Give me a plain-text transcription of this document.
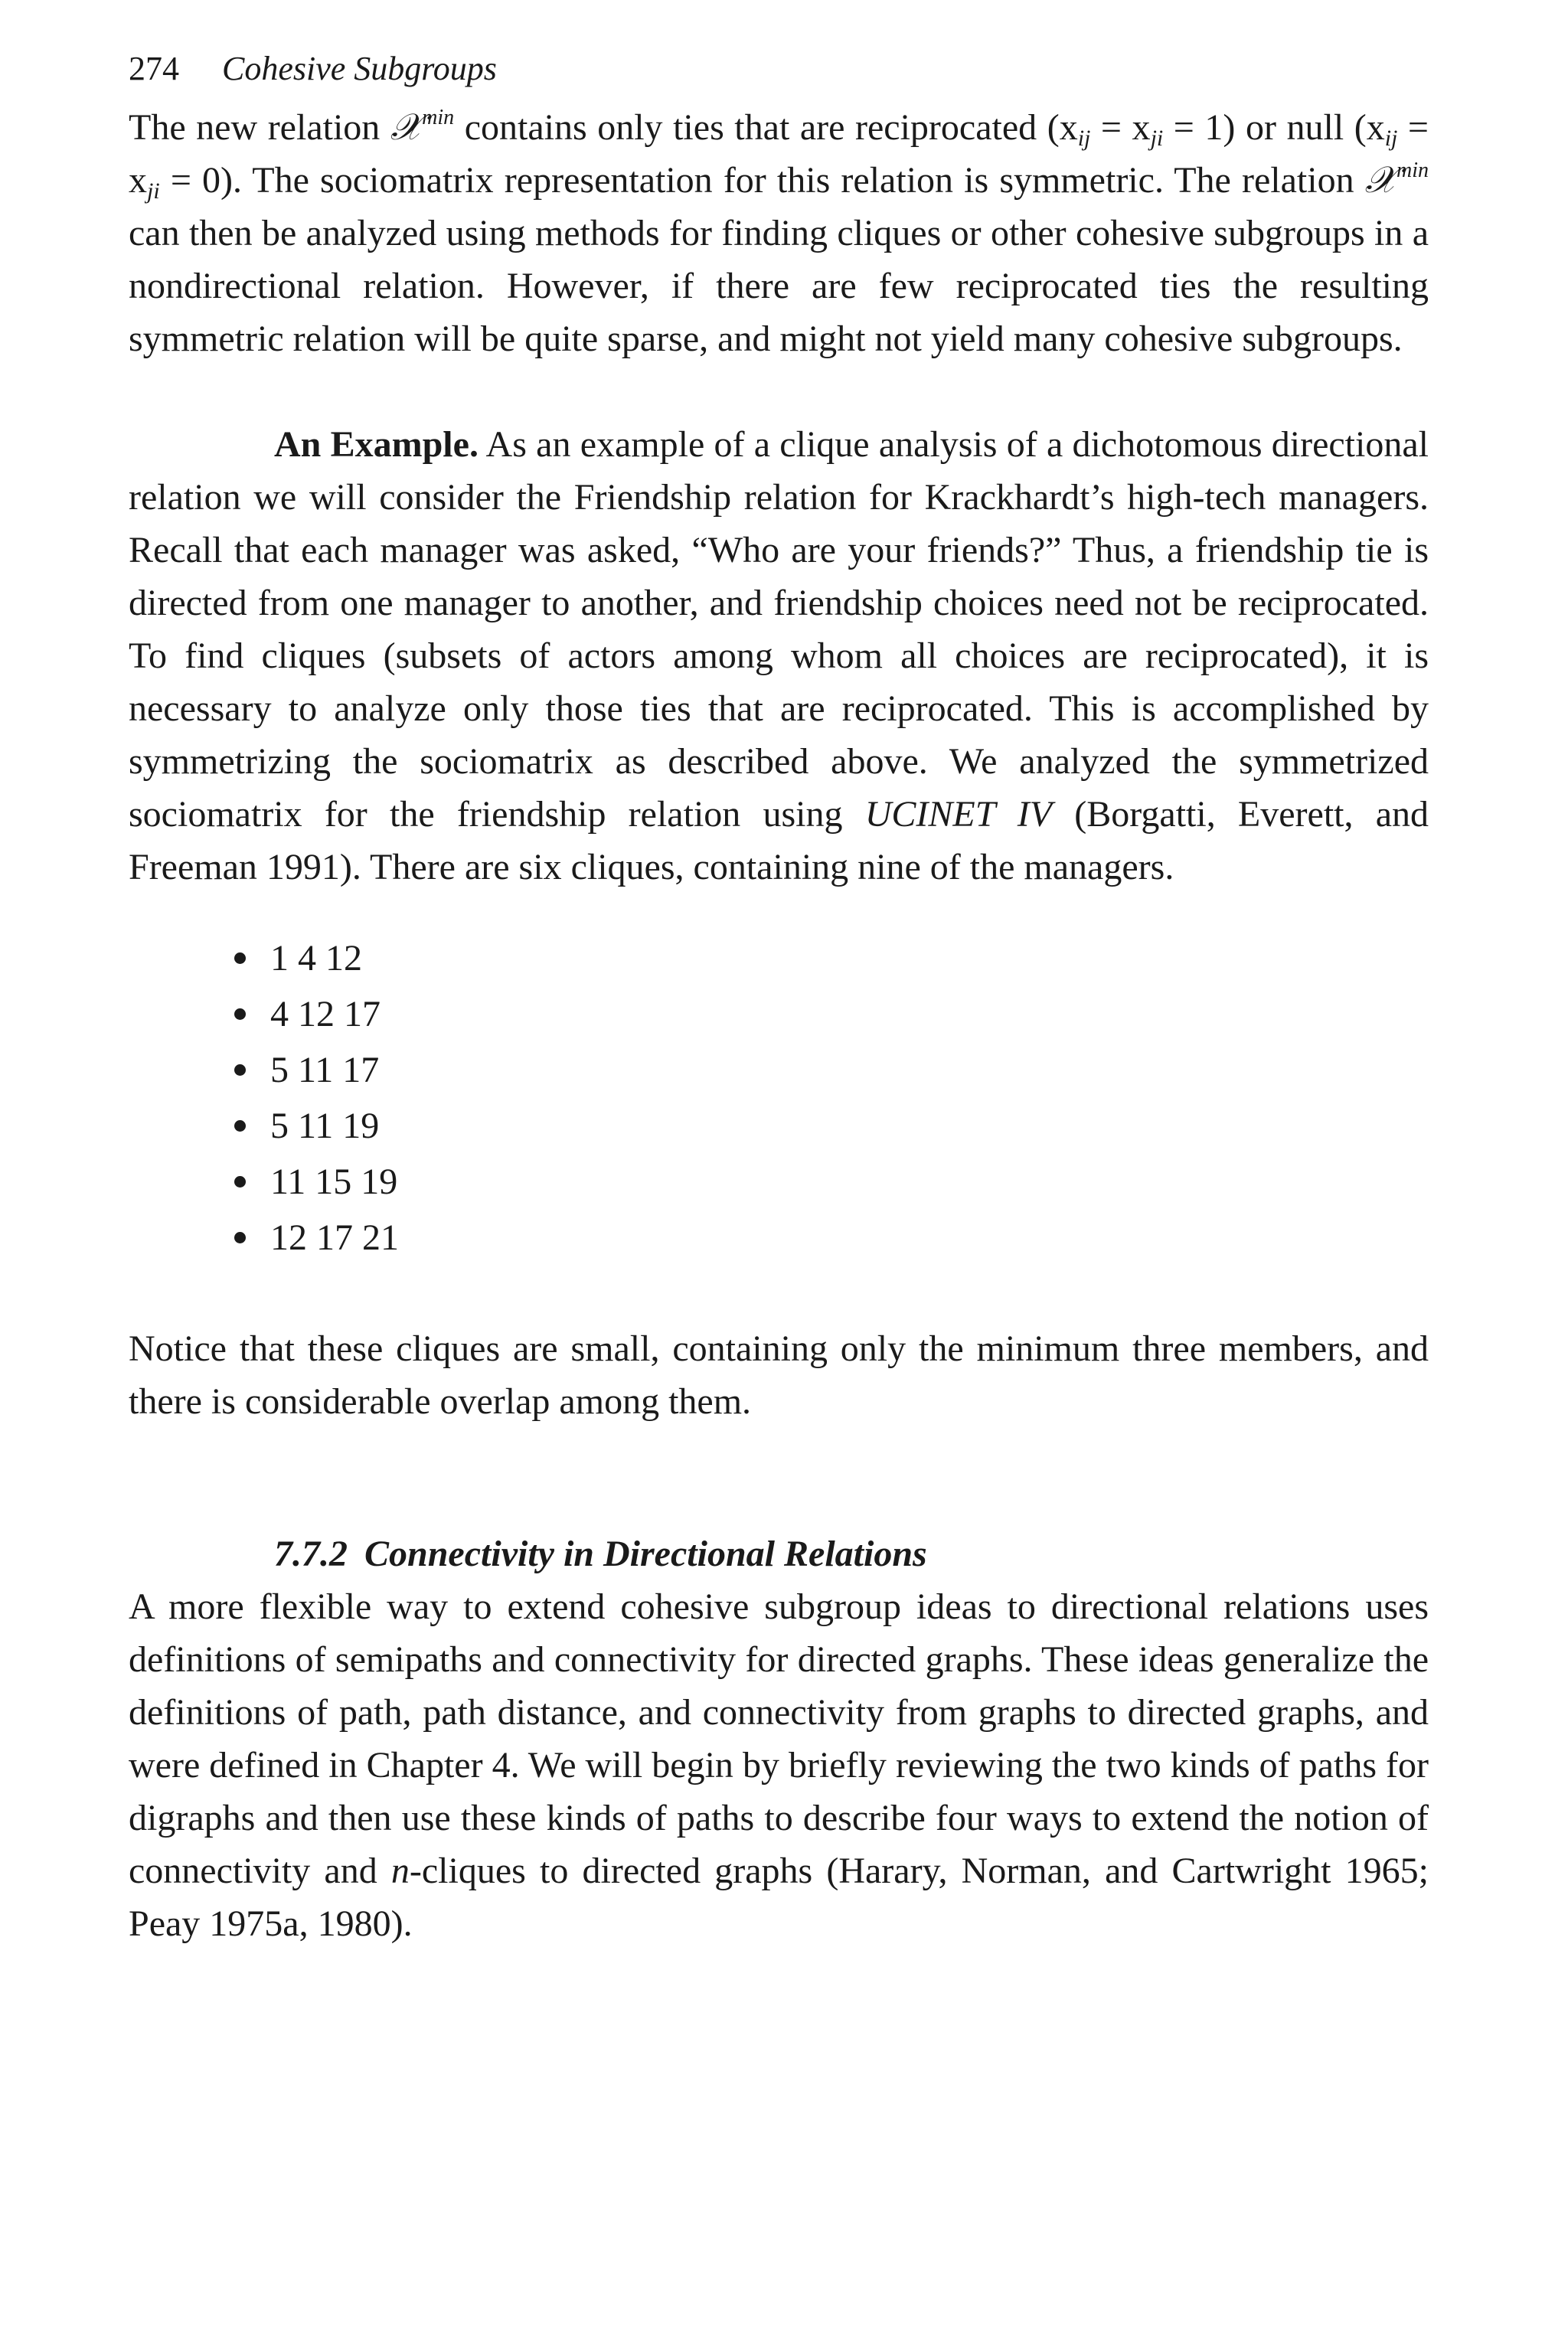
274 Cohesive Subgroups

The new relation 𝒳$^{min}$ contains only ties that are reciprocated $(x_{ij} = x_{ji} = 1)$ or null $(x_{ij} = x_{ji} = 0)$. The sociomatrix representation for this relation is symmetric. The relation 𝒳$^{min}$ can then be analyzed using methods for finding cliques or other cohesive subgroups in a nondirectional relation. However, if there are few reciprocated ties the resulting symmetric relation will be quite sparse, and might not yield many cohesive subgroups.

An Example. As an example of a clique analysis of a dichotomous directional relation we will consider the Friendship relation for Krackhardt’s high-tech managers. Recall that each manager was asked, “Who are your friends?” Thus, a friendship tie is directed from one manager to another, and friendship choices need not be reciprocated. To find cliques (subsets of actors among whom all choices are reciprocated), it is necessary to analyze only those ties that are reciprocated. This is accomplished by symmetrizing the sociomatrix as described above. We analyzed the symmetrized sociomatrix for the friendship relation using UCINET IV (Borgatti, Everett, and Freeman 1991). There are six cliques, containing nine of the managers.

1 4 12
4 12 17
5 11 17
5 11 19
11 15 19
12 17 21

Notice that these cliques are small, containing only the minimum three members, and there is considerable overlap among them.

7.7.2 Connectivity in Directional Relations

A more flexible way to extend cohesive subgroup ideas to directional relations uses definitions of semipaths and connectivity for directed graphs. These ideas generalize the definitions of path, path distance, and connectivity from graphs to directed graphs, and were defined in Chapter 4. We will begin by briefly reviewing the two kinds of paths for digraphs and then use these kinds of paths to describe four ways to extend the notion of connectivity and n-cliques to directed graphs (Harary, Norman, and Cartwright 1965; Peay 1975a, 1980).
